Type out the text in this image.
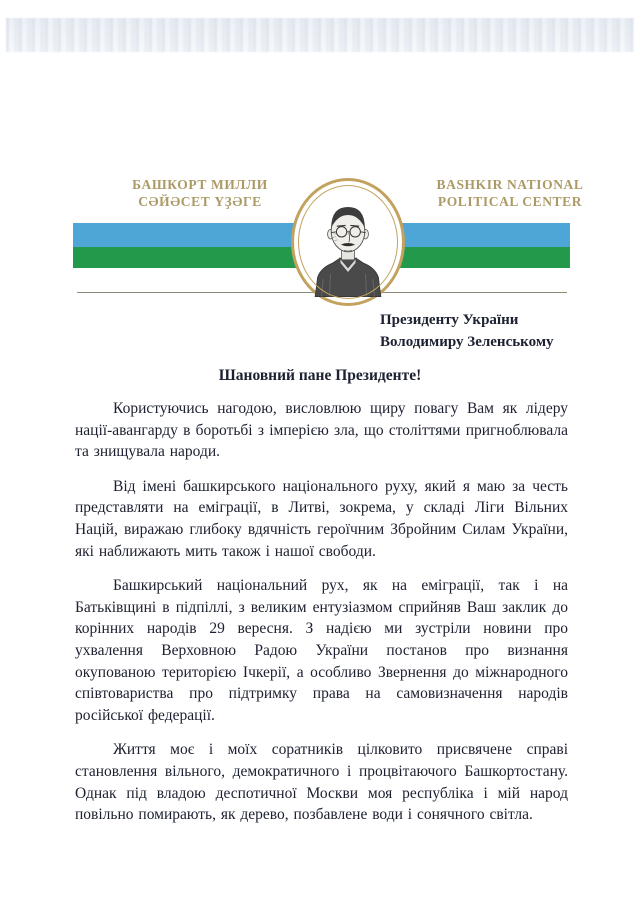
БАШКОРТ МИЛЛИ
СӘЙӘСЕТ ҮҘӘГЕ
BASHKIR NATIONAL
POLITICAL CENTER
Президенту України
Володимиру Зеленському
Шановний пане Президенте!

Користуючись нагодою, висловлюю щиру повагу Вам як лідеру нації-авангарду в боротьбі з імперією зла, що століттями пригноблювала та знищувала народи.

Від імені башкирського національного руху, який я маю за честь представляти на еміграції, в Литві, зокрема, у складі Ліги Вільних Націй, виражаю глибоку вдячність героїчним Збройним Силам України, які наближають мить також і нашої свободи.

Башкирський національний рух, як на еміграції, так і на Батьківщині в підпіллі, з великим ентузіазмом сприйняв Ваш заклик до корінних народів 29 вересня. З надією ми зустріли новини про ухвалення Верховною Радою України постанов про визнання окупованою територією Ічкерії, а особливо Звернення до міжнародного співтовариства про підтримку права на самовизначення народів російської федерації.

Життя моє і моїх соратників цілковито присвячене справі становлення вільного, демократичного і процвітаючого Башкортостану. Однак під владою деспотичної Москви моя республіка і мій народ повільно помирають, як дерево, позбавлене води і сонячного світла.
